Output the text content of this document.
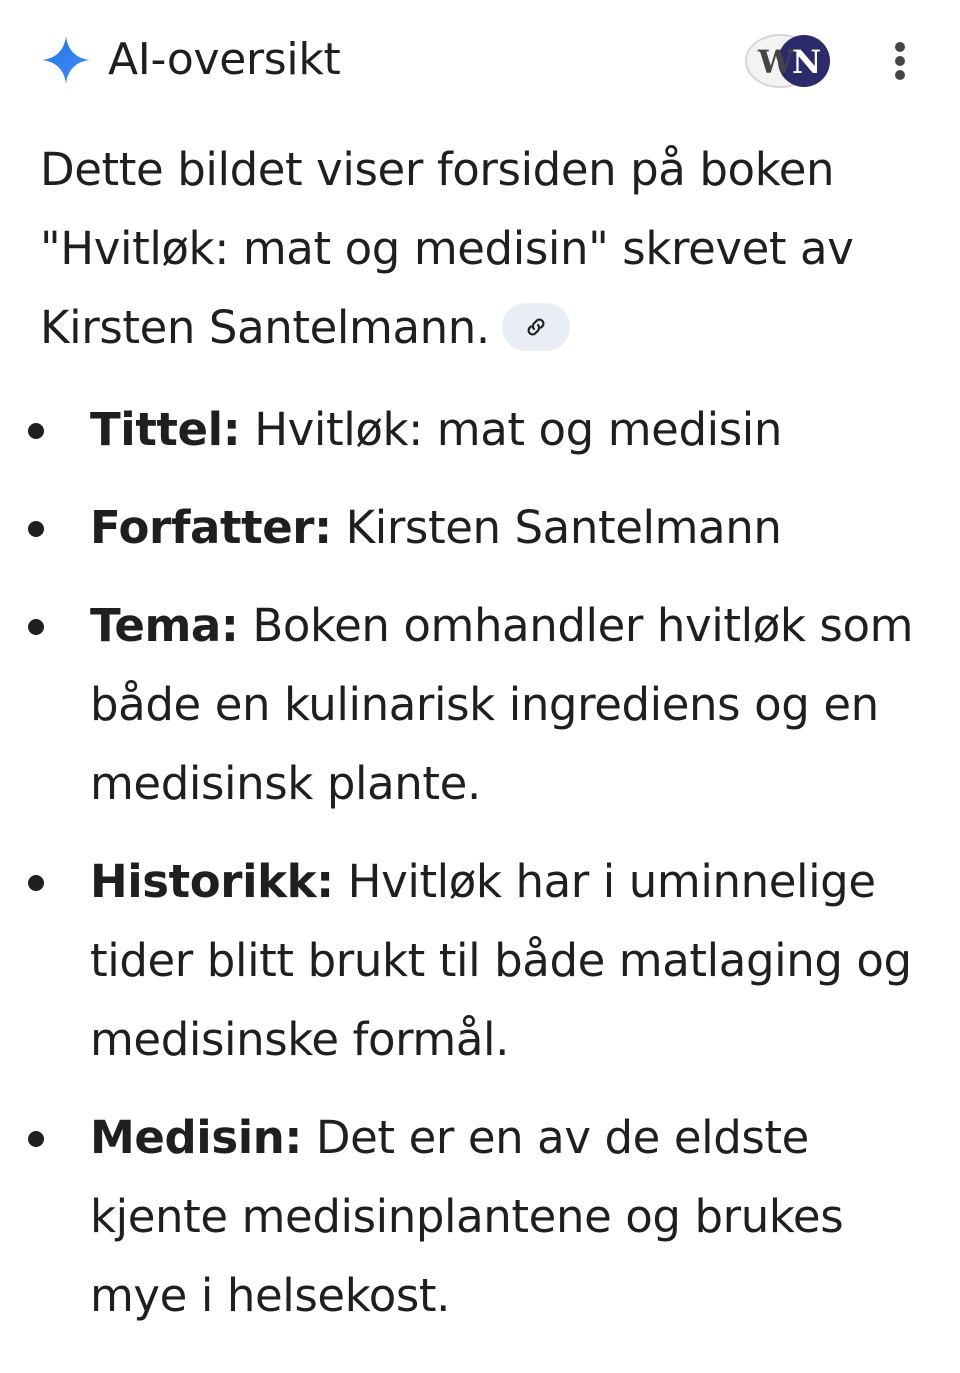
AI-oversikt	W
N
Dette bildet viser forsiden på boken "Hvitløk: mat og medisin" skrevet av Kirsten Santelmann.
Tittel: Hvitløk: mat og medisin
Forfatter: Kirsten Santelmann
Tema: Boken omhandler hvitløk som både en kulinarisk ingrediens og en medisinsk plante.
Historikk: Hvitløk har i uminnelige tider blitt brukt til både matlaging og medisinske formål.
Medisin: Det er en av de eldste kjente medisinplantene og brukes mye i helsekost.
